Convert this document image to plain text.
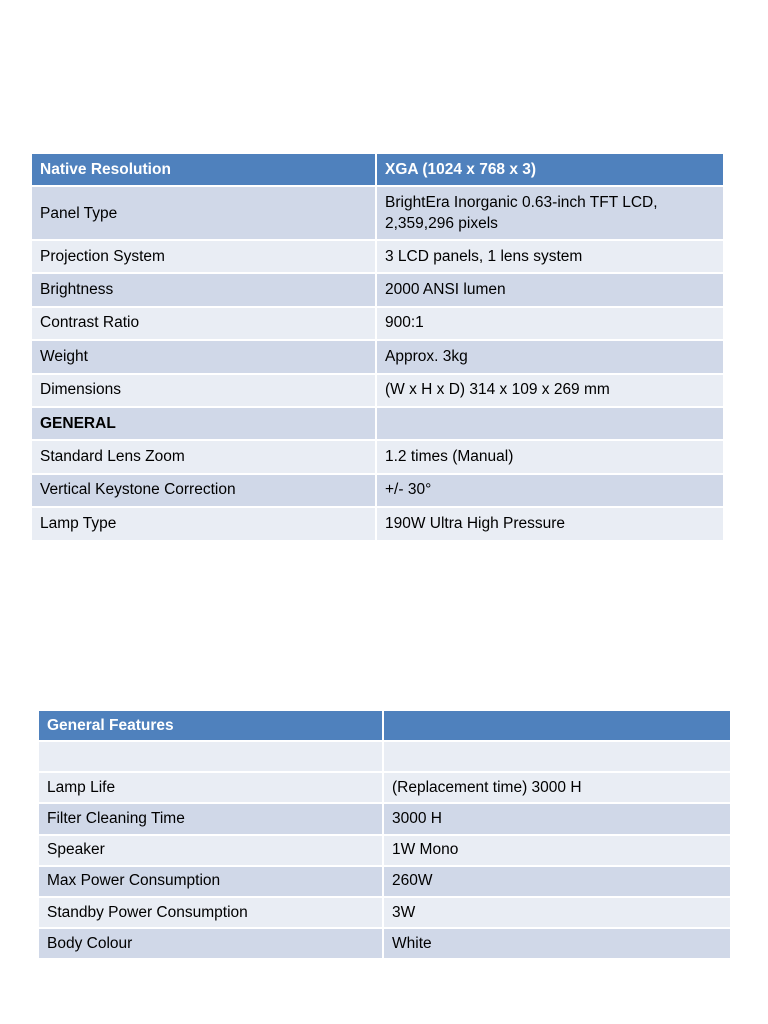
Native Resolution	XGA (1024 x 768 x 3)
Panel Type	BrightEra Inorganic 0.63-inch TFT LCD,
2,359,296 pixels
Projection System	3 LCD panels, 1 lens system
Brightness	2000 ANSI lumen
Contrast Ratio	900:1
Weight	Approx. 3kg
Dimensions	(W x H x D) 314 x 109 x 269 mm
GENERAL	
Standard Lens Zoom	1.2 times (Manual)
Vertical Keystone Correction	+/- 30°
Lamp Type	190W Ultra High Pressure
General Features	

Lamp Life	(Replacement time) 3000 H
Filter Cleaning Time	3000 H
Speaker	1W Mono
Max Power Consumption	260W
Standby Power Consumption	3W
Body Colour	White
